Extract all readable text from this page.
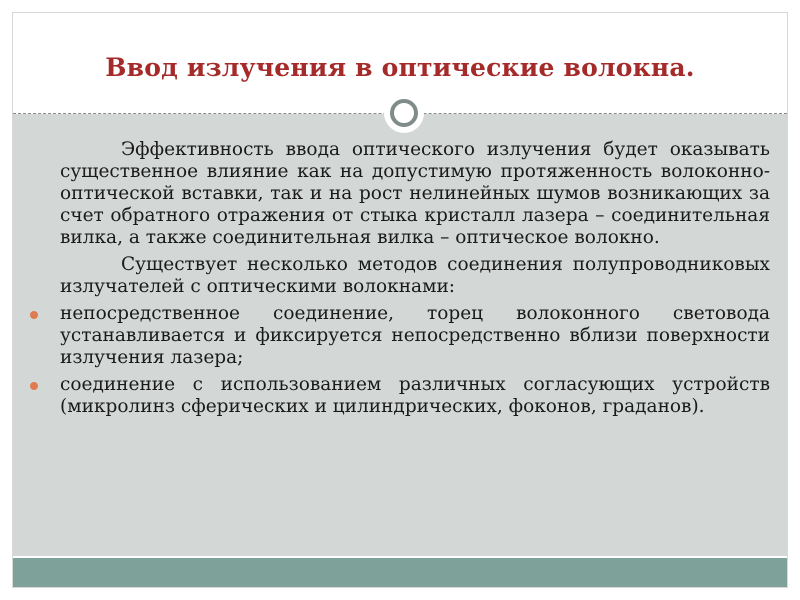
Ввод излучения в оптические волокна.

Эффективность ввода оптического излучения будет оказывать существенное влияние как на допустимую протяженность волоконно- оптической вставки, так и на рост нелинейных шумов возникающих за счет обратного отражения от стыка кристалл лазера – соединительная вилка, а также соединительная вилка – оптическое волокно.

Существует несколько методов соединения полупроводниковых излучателей с оптическими волокнами:

непосредственное соединение, торец волоконного световода устанавливается и фиксируется непосредственно вблизи поверхности излучения лазера;
соединение с использованием различных согласующих устройств (микролинз сферических и цилиндрических, фоконов, граданов).
